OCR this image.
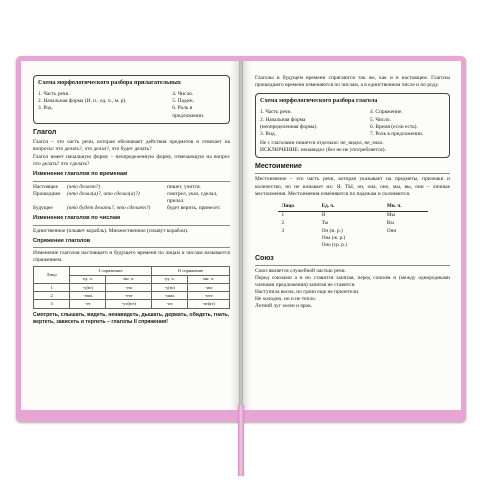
Схема морфологического разбора прилагательных
1. Часть речи.
2. Начальная форма (И. п., ед. ч., м. р).
3. Род.
4. Число.
5. Падеж.
6. Роль в предложении.
Глагол

Глагол – это часть речи, которая обозначает действия предметов и отвечает на вопросы: что делать?, что делал?, что будет делать?

Глагол имеет начальную форму – неопределенную форму, отвечающую на вопрос что делать? что сделать?

Изменение глаголов по временам
Настоящее	(что делает?)	пишет, учится.
Прошедшее	(что делал(а)?, что сделал(а)?)	смотрел, указ, сделал, прилал.
Будущее	(что будет делать?, что сделает?)	будет верить, принесет.
Изменение глаголов по числам

Единственное (плывет корабль). Множественное (плывут корабли).

Спряжение глаголов

Изменение глаголов настоящего и будущего времени по лицам и числам называется спряжением.

Лицо	I спряжение		II спряжение	
	ед. ч.	мн. ч.	ед. ч.	мн. ч.
1	-у(ю)	-ем	-у(ю)	-им
2	-ешь	-ете	-ишь	-ите
3	-ет	-ут(ют)	-ит	-ат(ят)
Смотреть, слышать, видеть, ненавидеть, дышать, держать, обидеть, гнать, вертеть, зависеть и терпеть – глаголы II спряжения!

Глаголы в будущем времени спрягаются так же, как и в настоящем. Глаголы прошедшего времени изменяются по числам, а в единственном числе и по роду.

Схема морфологического разбора глагола
1. Часть речи.
2. Начальная форма (неопределенная форма).
3. Вид.
4. Спряжение.
5. Число.
6. Время (если есть).
7. Роль в предложении.
Не с глаголами пишется отдельно: не_видел, не_знал.
ИСКЛЮЧЕНИЕ: ненавидел (без не не употребляется).
Местоимение

Местоимение – это часть речи, которая указывает на предметы, признаки и количество, но не называет их: Я, ТЫ, он, она, оно, мы, вы, они – личные местоимения. Местоимения изменяются по падежам и склоняются.

Лицо	Ед. ч.	Мн. ч.
1	Я	Мы
2	Ты	Вы
3	Он (м. р.)
Она (ж. р.)
Оно (ср. р.)	Они
Союз

Союз является служебной частью речи.

Перед союзами а и но ставится запятая, перед союзом и (между однородными членами предложения) запятая не ставится.

Наступила весна, но грачи еще не прилетели.

Не холодно, но и не тепло.

Летний луг зелен и ярок.
